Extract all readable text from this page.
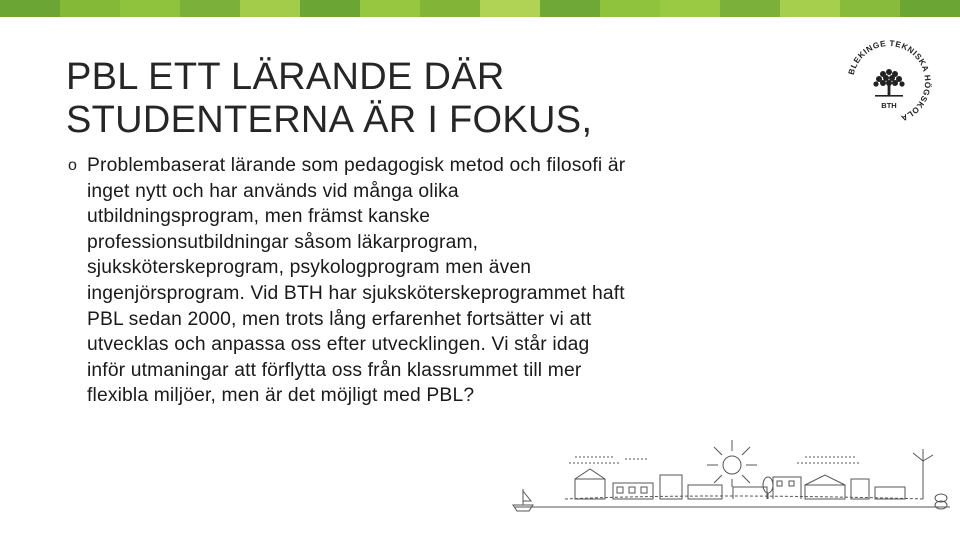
PBL ETT LÄRANDE DÄR
STUDENTERNA ÄR I FOKUS,
o Problembaserat lärande som pedagogisk metod och filosofi är
inget nytt och har används vid många olika
utbildningsprogram, men främst kanske
professionsutbildningar såsom läkarprogram,
sjuksköterskeprogram, psykologprogram men även
ingenjörsprogram. Vid BTH har sjuksköterskeprogrammet haft
PBL sedan 2000, men trots lång erfarenhet fortsätter vi att
utvecklas och anpassa oss efter utvecklingen. Vi står idag
inför utmaningar att förflytta oss från klassrummet till mer
flexibla miljöer, men är det möjligt med PBL?
BLEKINGE TEKNISKA HÖGSKOLA
BTH
